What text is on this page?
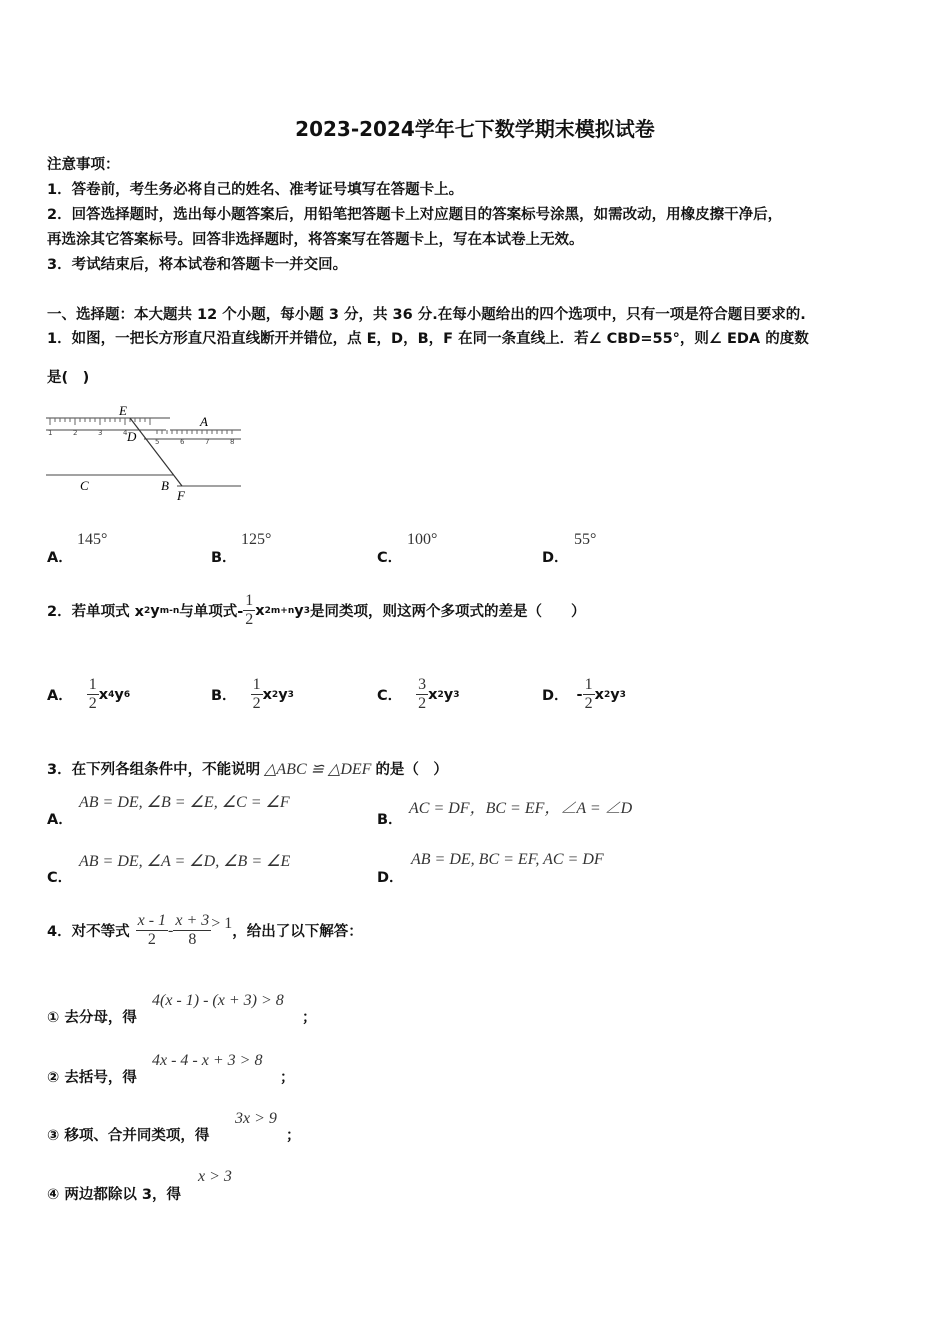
2023-2024学年七下数学期末模拟试卷
注意事项：
1．答卷前，考生务必将自己的姓名、准考证号填写在答题卡上。
2．回答选择题时，选出每小题答案后，用铅笔把答题卡上对应题目的答案标号涂黑，如需改动，用橡皮擦干净后，
再选涂其它答案标号。回答非选择题时，将答案写在答题卡上，写在本试卷上无效。
3．考试结束后，将本试卷和答题卡一并交回。
一、选择题：本大题共 12 个小题，每小题 3 分，共 36 分.在每小题给出的四个选项中，只有一项是符合题目要求的.
1．如图，一把长方形直尺沿直线断开并错位，点 E，D，B，F 在同一条直线上．若∠ CBD=55°，则∠ EDA 的度数
是(　)
1	2	3	4
5	6	7	8
E
A
D
C	B
F
A．
145°
B．
125°
C．
100°
D．
55°
2．若单项式 x 2 y m-n 与单项式- $\frac{1}{2}$ x 2m+n y 3 是同类项，则这两个多项式的差是（　　）
A． $\frac{1}{2}$ x 4 y 6	B． $\frac{1}{2}$ x 2 y 3	C． $\frac{3}{2}$ x 2 y 3	D． - $\frac{1}{2}$ x 2 y 3
3．在下列各组条件中，不能说明 △ABC ≌ △DEF 的是（　）
A．
AB = DE, ∠B = ∠E, ∠C = ∠F
B．
AC = DF，BC = EF，∠A = ∠D
C．
AB = DE, ∠A = ∠D, ∠B = ∠E
D．
AB = DE, BC = EF, AC = DF
4．对不等式 $\frac{x - 1}{2} - \frac{x + 3}{8} > 1$
，给出了以下解答：
① 去分母，得
4(x - 1) - (x + 3) > 8
；
② 去括号，得
4x - 4 - x + 3 > 8
；
③ 移项、合并同类项，得
3x > 9
；
④ 两边都除以 3，得
x > 3
